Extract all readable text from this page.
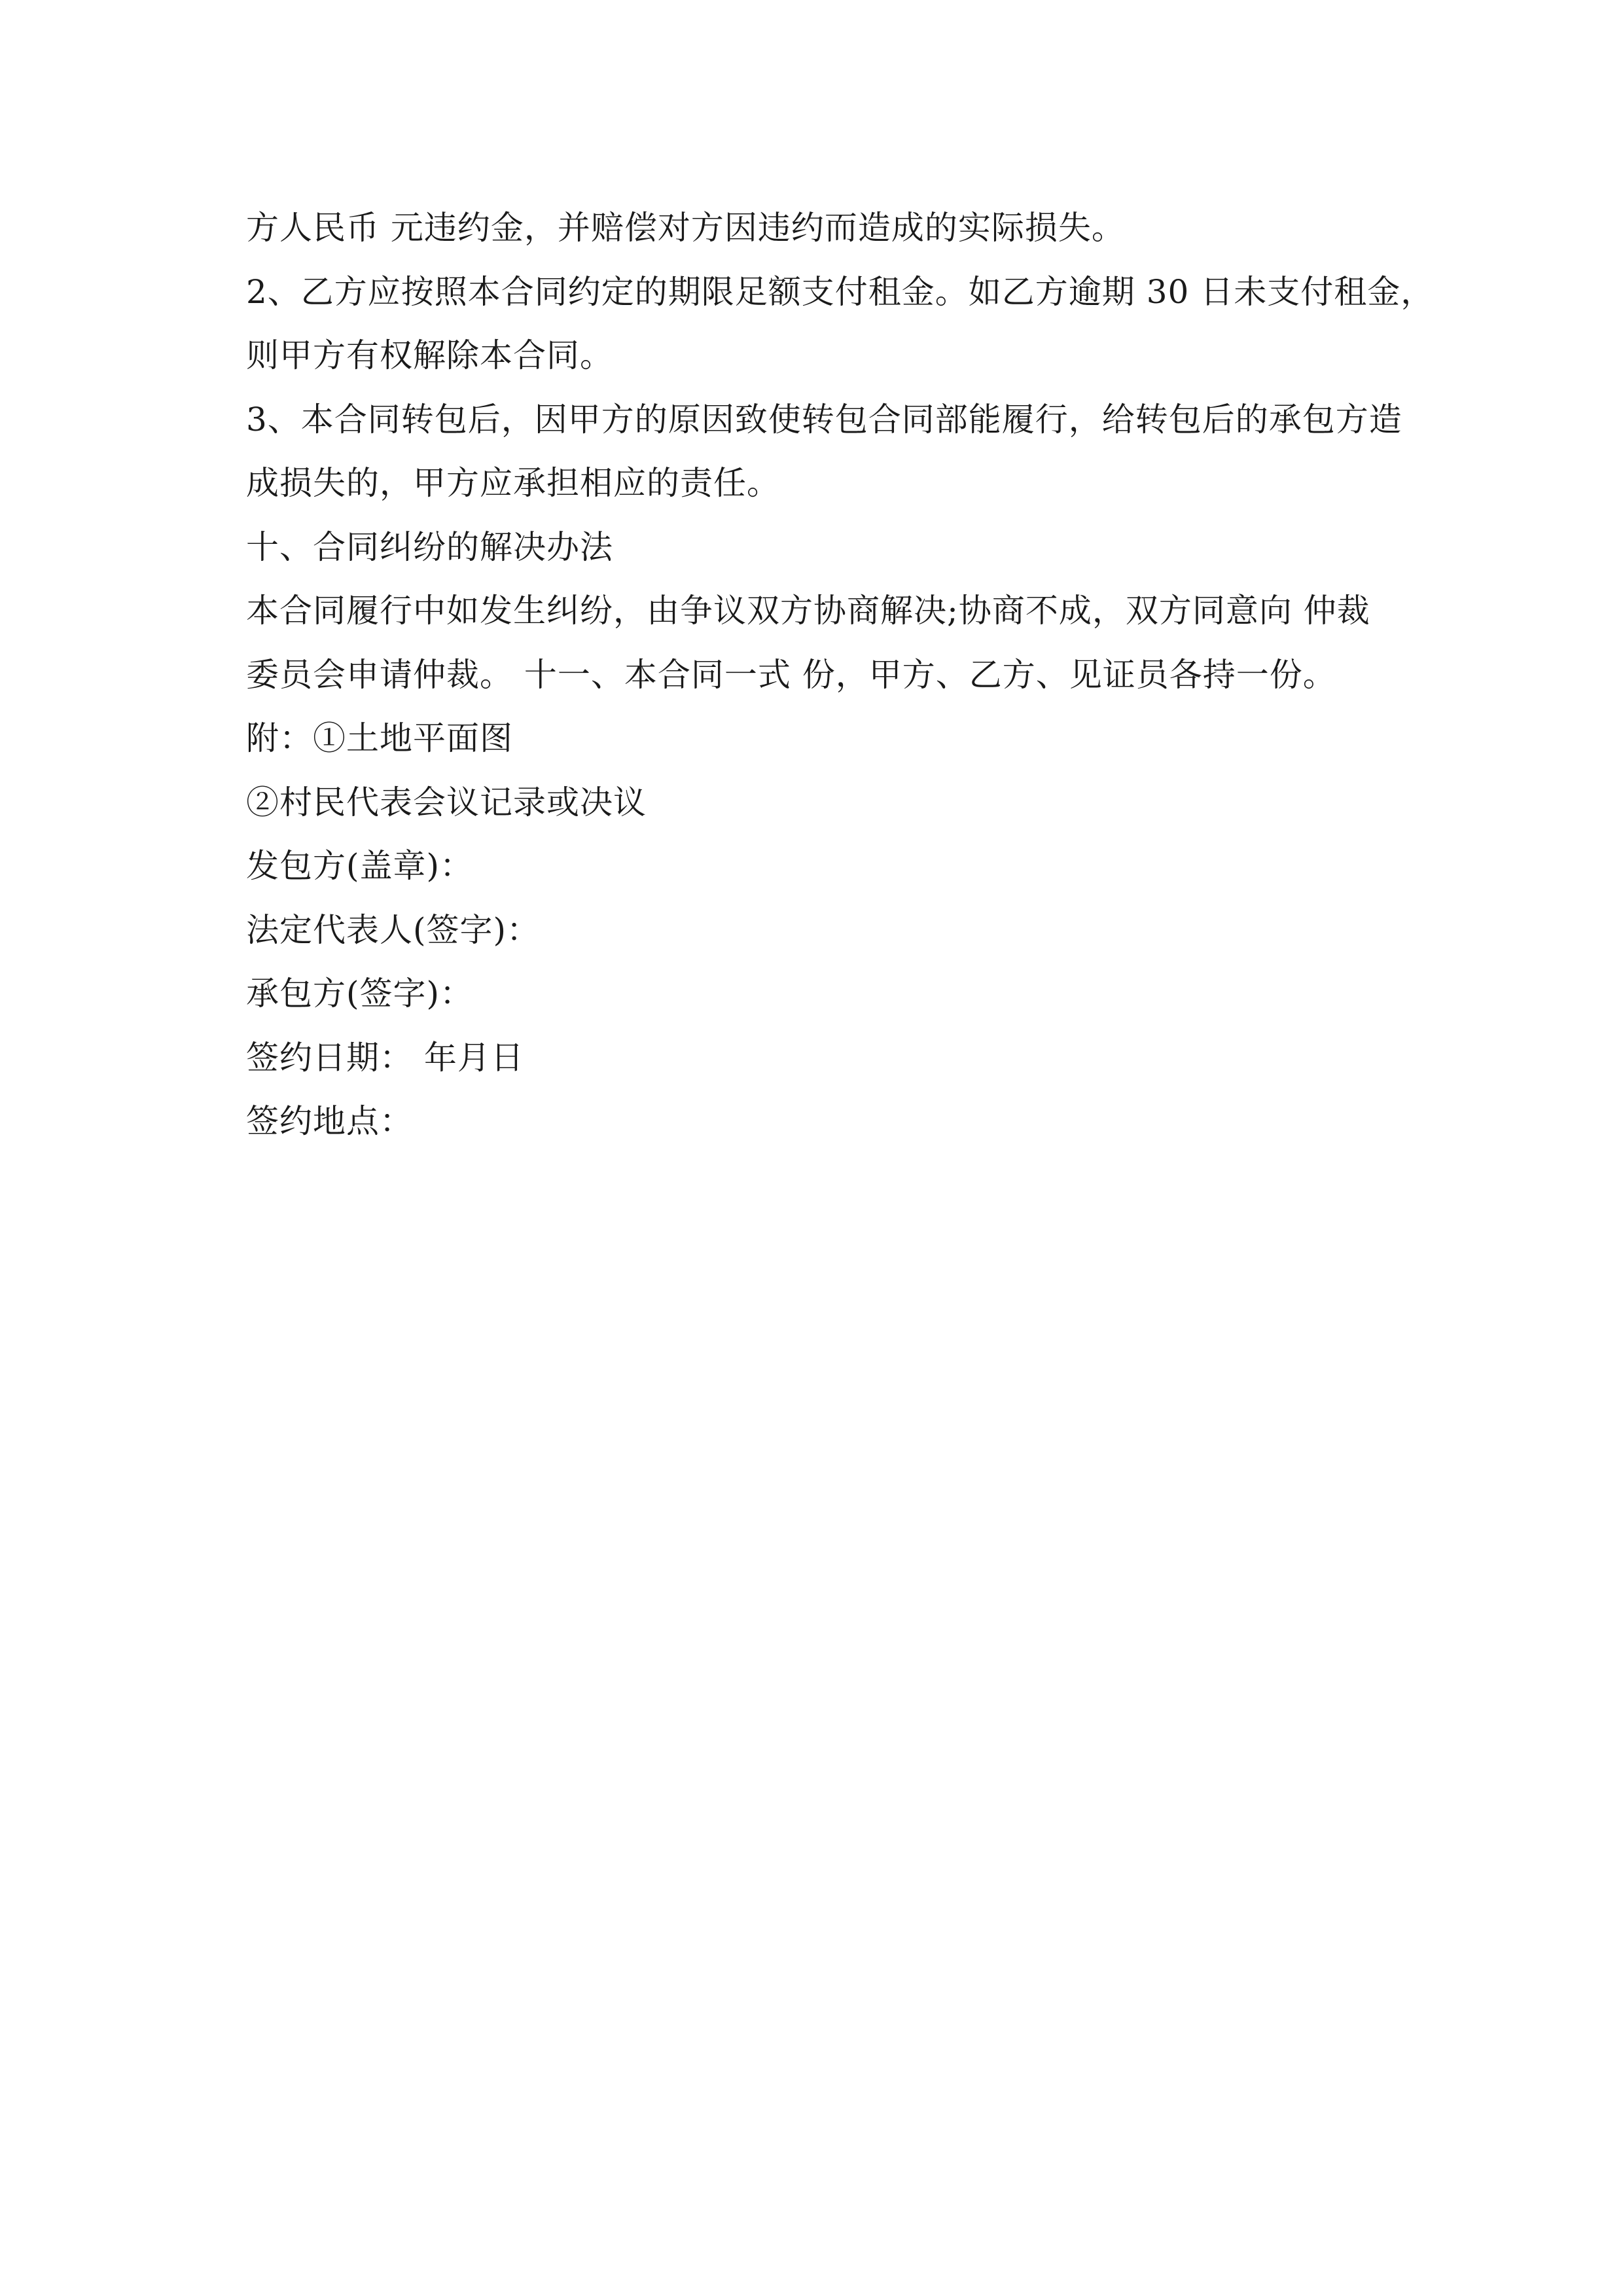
方人民币 元违约金，并赔偿对方因违约而造成的实际损失。
2、乙方应按照本合同约定的期限足额支付租金。如乙方逾期 30 日未支付租金，
则甲方有权解除本合同。
3、本合同转包后，因甲方的原因致使转包合同部能履行，给转包后的承包方造
成损失的，甲方应承担相应的责任。
十、合同纠纷的解决办法
本合同履行中如发生纠纷，由争议双方协商解决;协商不成，双方同意向 仲裁
委员会申请仲裁。 十一、本合同一式 份，甲方、乙方、见证员各持一份。
附：①土地平面图
②村民代表会议记录或决议
发包方(盖章)：
法定代表人(签字)：
承包方(签字)：
签约日期： 年月日
签约地点：
